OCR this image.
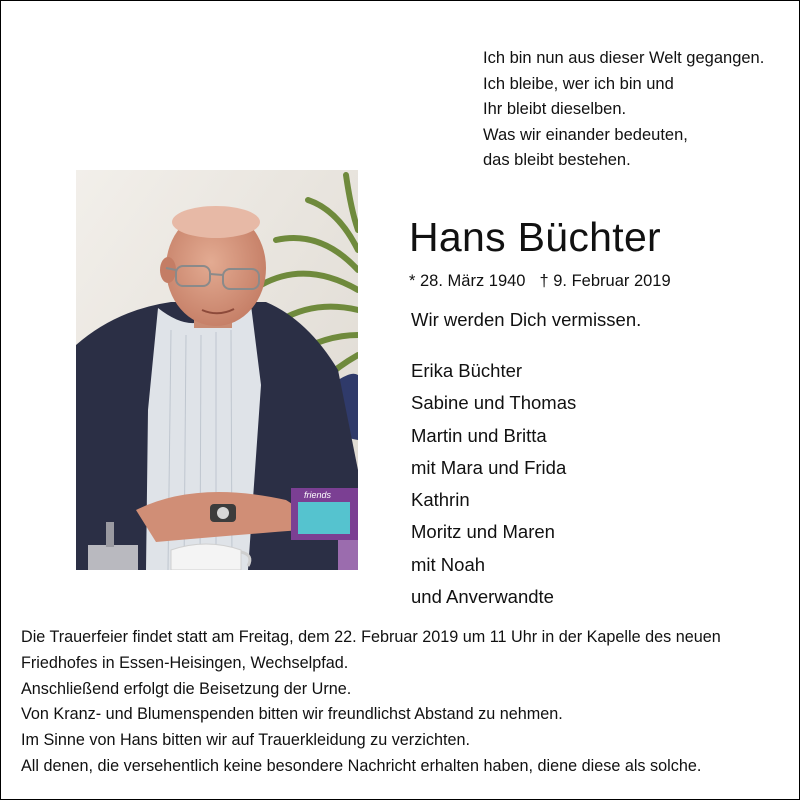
Ich bin nun aus dieser Welt gegangen.
Ich bleibe, wer ich bin und
Ihr bleibt dieselben.
Was wir einander bedeuten,
das bleibt bestehen.
friends
Hans Büchter
* 28. März 1940 † 9. Februar 2019
Wir werden Dich vermissen.
Erika Büchter
Sabine und Thomas
Martin und Britta
mit Mara und Frida
Kathrin
Moritz und Maren
mit Noah
und Anverwandte
Die Trauerfeier findet statt am Freitag, dem 22. Februar 2019 um 11 Uhr in der Kapelle des neuen
Friedhofes in Essen-Heisingen, Wechselpfad.
Anschließend erfolgt die Beisetzung der Urne.
Von Kranz- und Blumenspenden bitten wir freundlichst Abstand zu nehmen.
Im Sinne von Hans bitten wir auf Trauerkleidung zu verzichten.
All denen, die versehentlich keine besondere Nachricht erhalten haben, diene diese als solche.
